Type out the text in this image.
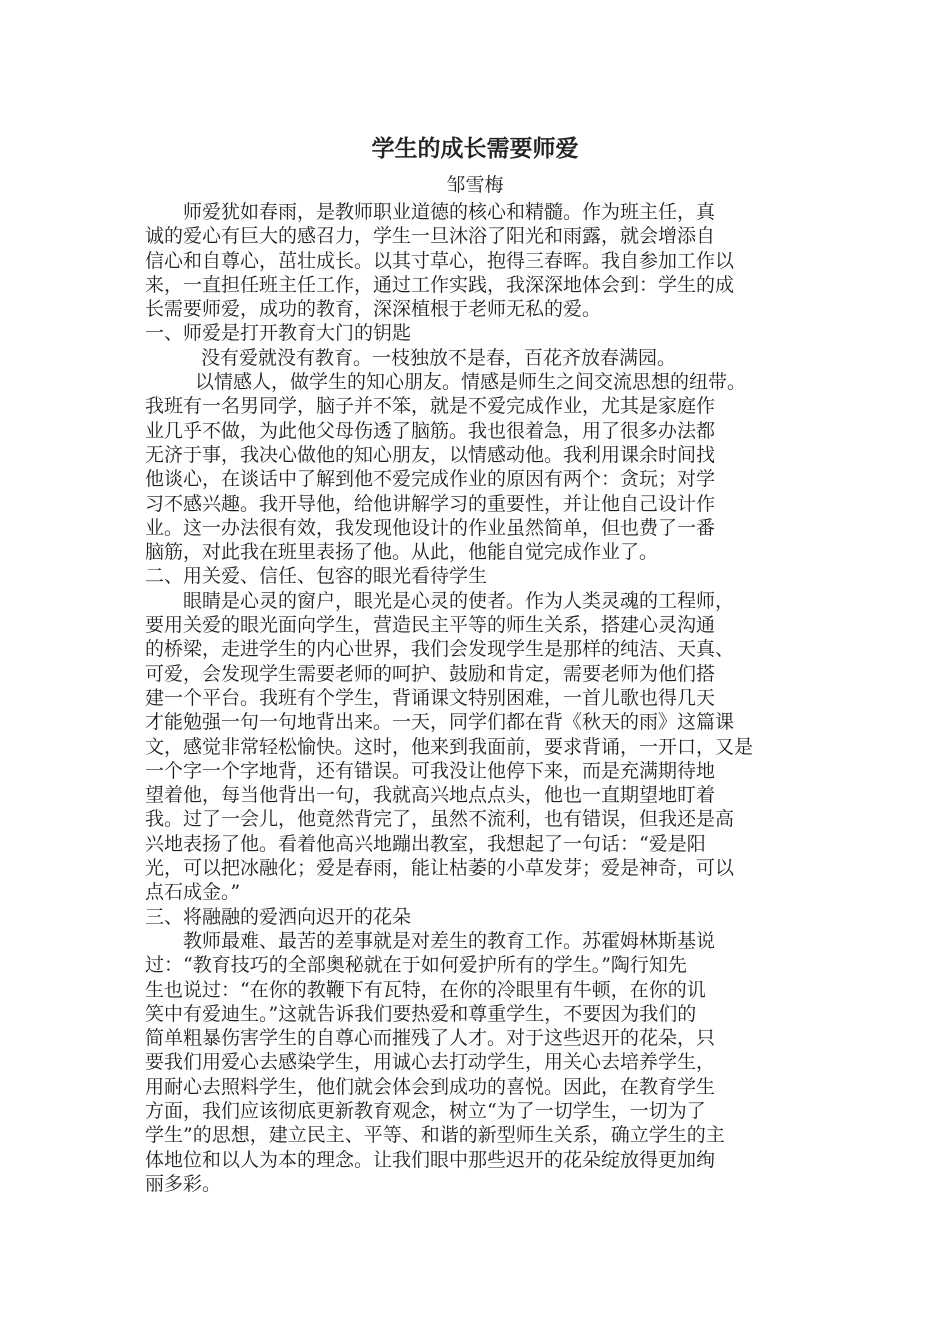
学生的成长需要师爱
邹雪梅
师爱犹如春雨，是教师职业道德的核心和精髓。作为班主任，真
诚的爱心有巨大的感召力，学生一旦沐浴了阳光和雨露，就会增添自
信心和自尊心，茁壮成长。以其寸草心，抱得三春晖。我自参加工作以
来，一直担任班主任工作，通过工作实践，我深深地体会到：学生的成
长需要师爱，成功的教育，深深植根于老师无私的爱。
一、师爱是打开教育大门的钥匙
没有爱就没有教育。一枝独放不是春，百花齐放春满园。
以情感人，做学生的知心朋友。情感是师生之间交流思想的纽带。
我班有一名男同学，脑子并不笨，就是不爱完成作业，尤其是家庭作
业几乎不做，为此他父母伤透了脑筋。我也很着急，用了很多办法都
无济于事，我决心做他的知心朋友，以情感动他。我利用课余时间找
他谈心，在谈话中了解到他不爱完成作业的原因有两个：贪玩；对学
习不感兴趣。我开导他，给他讲解学习的重要性，并让他自己设计作
业。这一办法很有效，我发现他设计的作业虽然简单，但也费了一番
脑筋，对此我在班里表扬了他。从此，他能自觉完成作业了。
二、用关爱、信任、包容的眼光看待学生
眼睛是心灵的窗户，眼光是心灵的使者。作为人类灵魂的工程师，
要用关爱的眼光面向学生，营造民主平等的师生关系，搭建心灵沟通
的桥梁，走进学生的内心世界，我们会发现学生是那样的纯洁、天真、
可爱，会发现学生需要老师的呵护、鼓励和肯定，需要老师为他们搭
建一个平台。我班有个学生，背诵课文特别困难，一首儿歌也得几天
才能勉强一句一句地背出来。一天，同学们都在背《秋天的雨》这篇课
文，感觉非常轻松愉快。这时，他来到我面前，要求背诵，一开口，又是
一个字一个字地背，还有错误。可我没让他停下来，而是充满期待地
望着他，每当他背出一句，我就高兴地点点头，他也一直期望地盯着
我。过了一会儿，他竟然背完了，虽然不流利，也有错误，但我还是高
兴地表扬了他。看着他高兴地蹦出教室，我想起了一句话：“爱是阳
光，可以把冰融化；爱是春雨，能让枯萎的小草发芽；爱是神奇，可以
点石成金。”
三、将融融的爱洒向迟开的花朵
教师最难、最苦的差事就是对差生的教育工作。苏霍姆林斯基说
过：“教育技巧的全部奥秘就在于如何爱护所有的学生。”陶行知先
生也说过：“在你的教鞭下有瓦特，在你的冷眼里有牛顿，在你的讥
笑中有爱迪生。”这就告诉我们要热爱和尊重学生，不要因为我们的
简单粗暴伤害学生的自尊心而摧残了人才。对于这些迟开的花朵，只
要我们用爱心去感染学生，用诚心去打动学生，用关心去培养学生，
用耐心去照料学生，他们就会体会到成功的喜悦。因此，在教育学生
方面，我们应该彻底更新教育观念，树立“为了一切学生，一切为了
学生”的思想，建立民主、平等、和谐的新型师生关系，确立学生的主
体地位和以人为本的理念。让我们眼中那些迟开的花朵绽放得更加绚
丽多彩。
